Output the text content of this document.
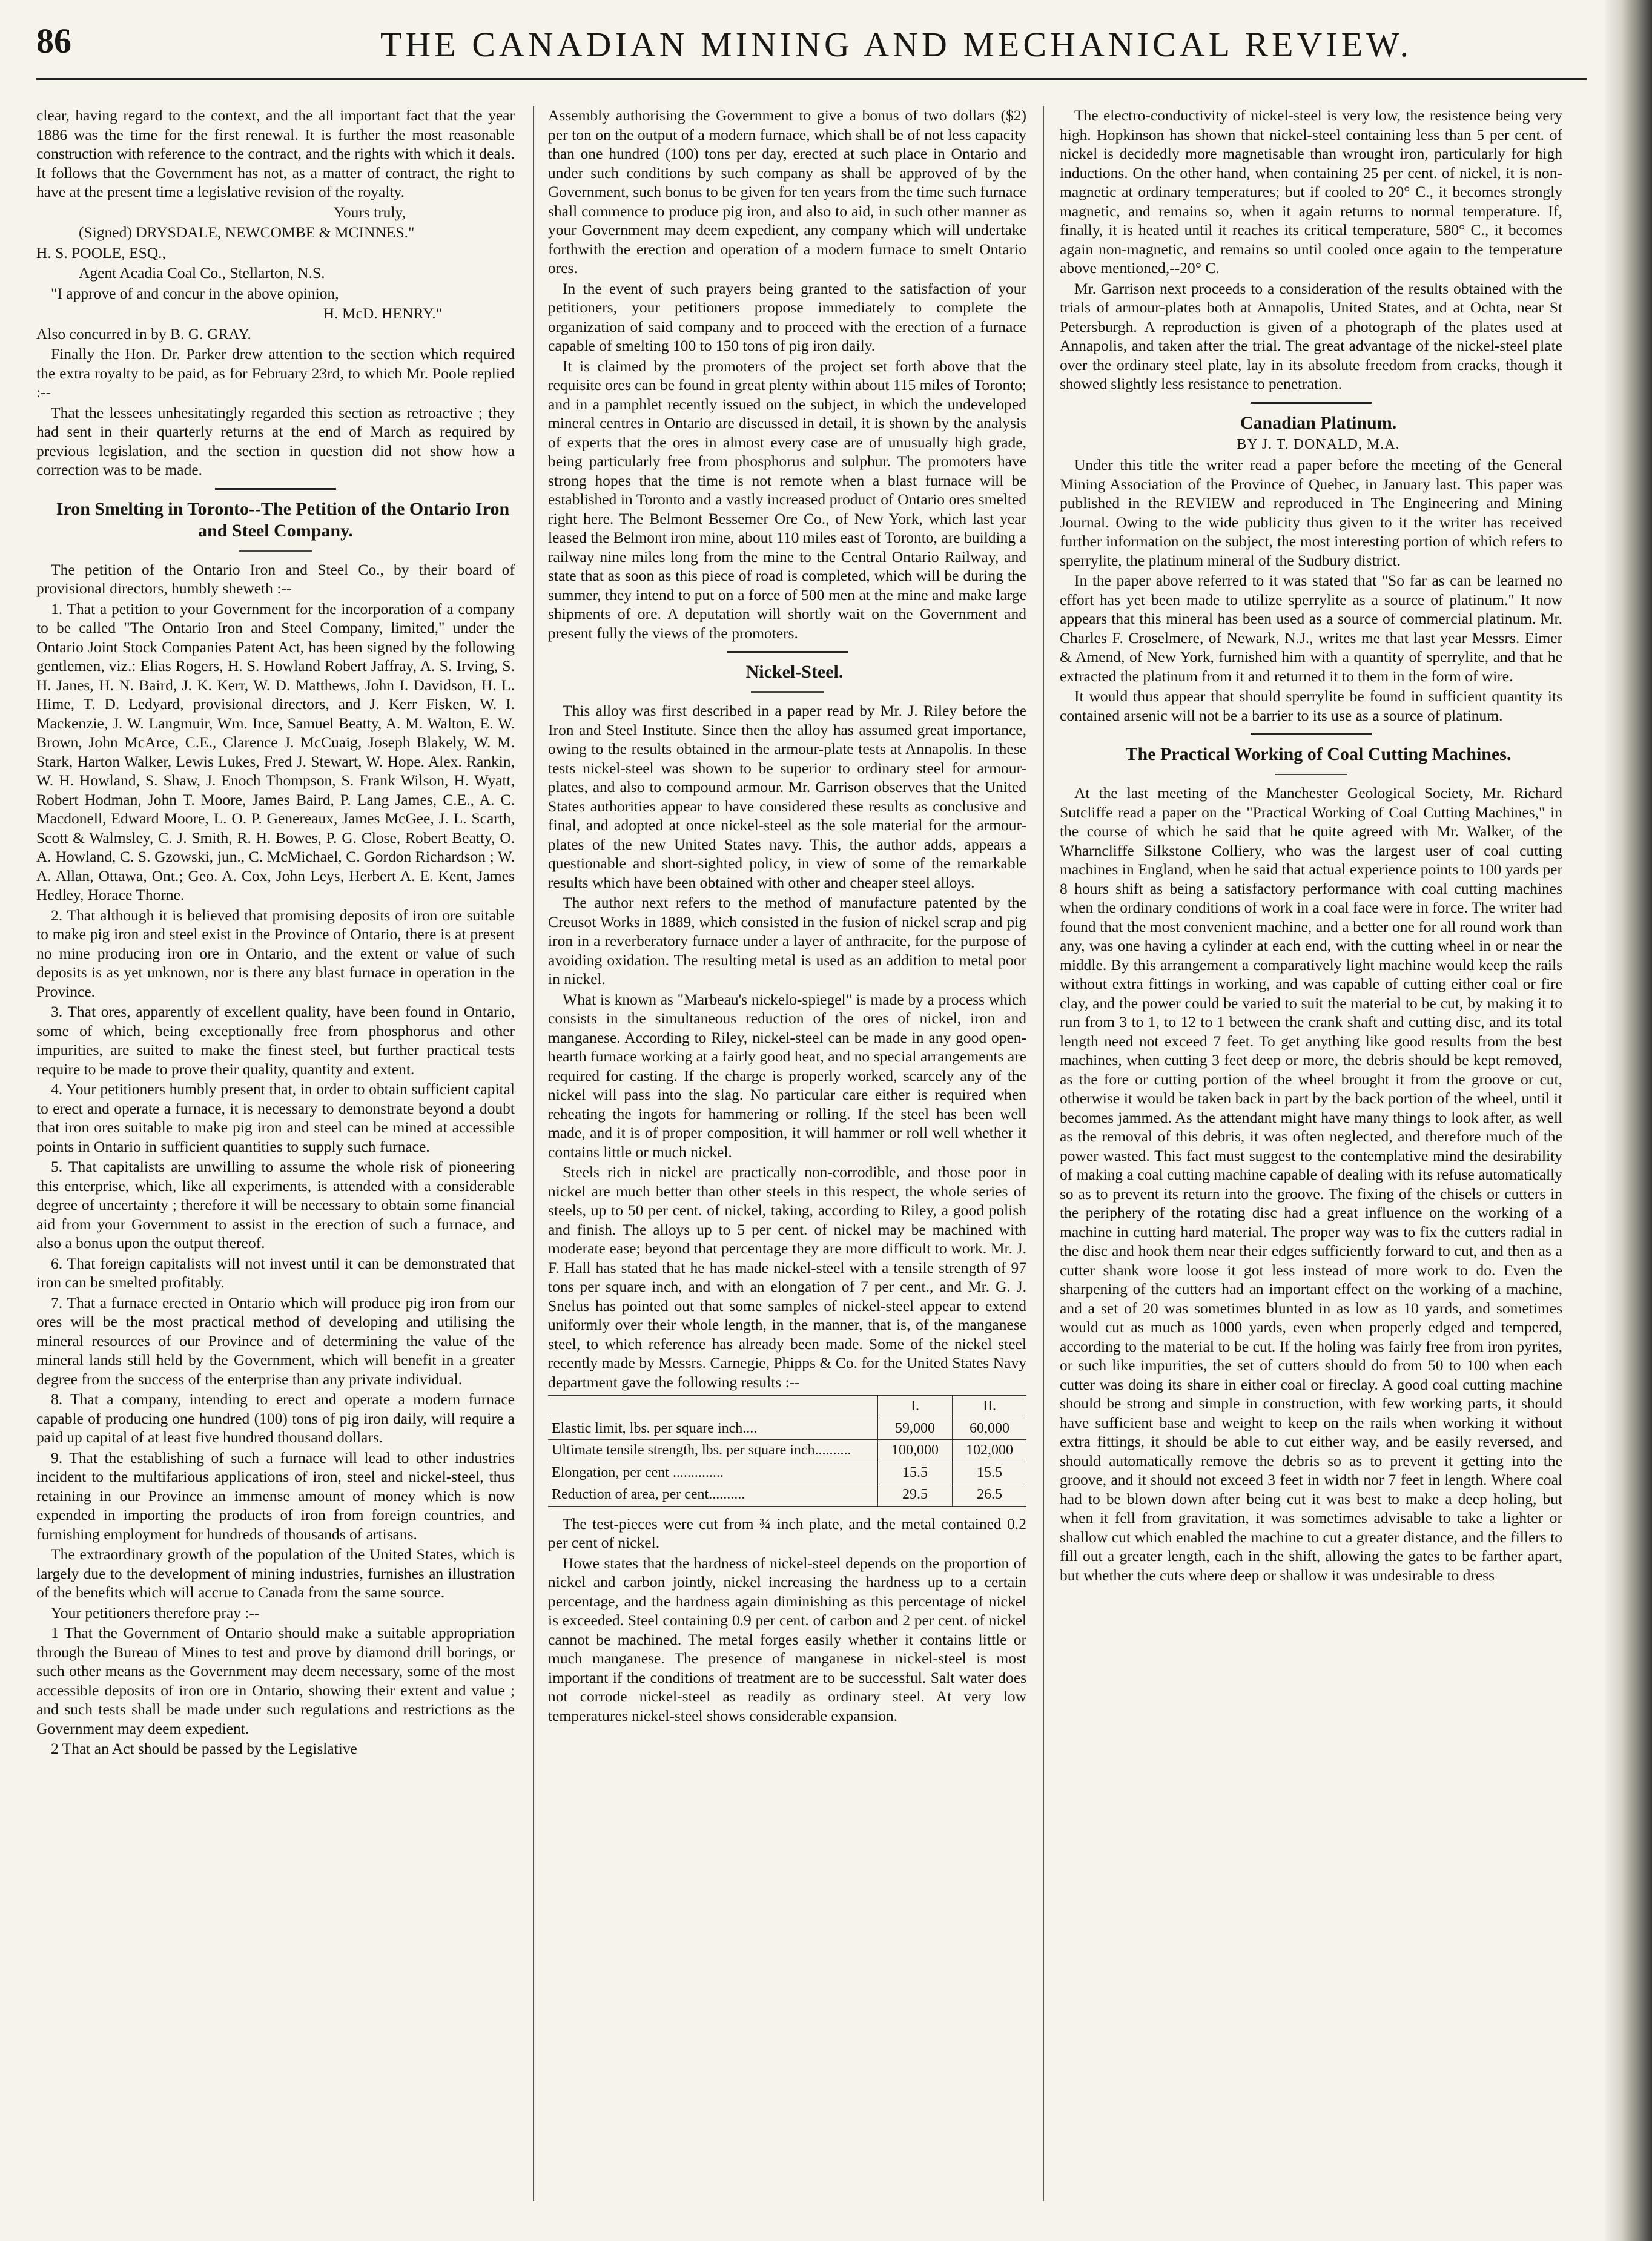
86	THE CANADIAN MINING AND MECHANICAL REVIEW.

clear, having regard to the context, and the all important fact that the year 1886 was the time for the first renewal. It is further the most reasonable construction with reference to the contract, and the rights with which it deals. It follows that the Government has not, as a matter of contract, the right to have at the present time a legislative revision of the royalty.

Yours truly,

(Signed) DRYSDALE, NEWCOMBE & MCINNES."

H. S. POOLE, ESQ.,

Agent Acadia Coal Co., Stellarton, N.S.

"I approve of and concur in the above opinion,

H. McD. HENRY."

Also concurred in by B. G. GRAY.

Finally the Hon. Dr. Parker drew attention to the section which required the extra royalty to be paid, as for February 23rd, to which Mr. Poole replied :--

That the lessees unhesitatingly regarded this section as retroactive ; they had sent in their quarterly returns at the end of March as required by previous legislation, and the section in question did not show how a correction was to be made.

Iron Smelting in Toronto--The Petition of the Ontario Iron and Steel Company.

The petition of the Ontario Iron and Steel Co., by their board of provisional directors, humbly sheweth :--

1. That a petition to your Government for the incorporation of a company to be called "The Ontario Iron and Steel Company, limited," under the Ontario Joint Stock Companies Patent Act, has been signed by the following gentlemen, viz.: Elias Rogers, H. S. Howland Robert Jaffray, A. S. Irving, S. H. Janes, H. N. Baird, J. K. Kerr, W. D. Matthews, John I. Davidson, H. L. Hime, T. D. Ledyard, provisional directors, and J. Kerr Fisken, W. I. Mackenzie, J. W. Langmuir, Wm. Ince, Samuel Beatty, A. M. Walton, E. W. Brown, John McArce, C.E., Clarence J. McCuaig, Joseph Blakely, W. M. Stark, Harton Walker, Lewis Lukes, Fred J. Stewart, W. Hope. Alex. Rankin, W. H. Howland, S. Shaw, J. Enoch Thompson, S. Frank Wilson, H. Wyatt, Robert Hodman, John T. Moore, James Baird, P. Lang James, C.E., A. C. Macdonell, Edward Moore, L. O. P. Genereaux, James McGee, J. L. Scarth, Scott & Walmsley, C. J. Smith, R. H. Bowes, P. G. Close, Robert Beatty, O. A. Howland, C. S. Gzowski, jun., C. McMichael, C. Gordon Richardson ; W. A. Allan, Ottawa, Ont.; Geo. A. Cox, John Leys, Herbert A. E. Kent, James Hedley, Horace Thorne.

2. That although it is believed that promising deposits of iron ore suitable to make pig iron and steel exist in the Province of Ontario, there is at present no mine producing iron ore in Ontario, and the extent or value of such deposits is as yet unknown, nor is there any blast furnace in operation in the Province.

3. That ores, apparently of excellent quality, have been found in Ontario, some of which, being exceptionally free from phosphorus and other impurities, are suited to make the finest steel, but further practical tests require to be made to prove their quality, quantity and extent.

4. Your petitioners humbly present that, in order to obtain sufficient capital to erect and operate a furnace, it is necessary to demonstrate beyond a doubt that iron ores suitable to make pig iron and steel can be mined at accessible points in Ontario in sufficient quantities to supply such furnace.

5. That capitalists are unwilling to assume the whole risk of pioneering this enterprise, which, like all experiments, is attended with a considerable degree of uncertainty ; therefore it will be necessary to obtain some financial aid from your Government to assist in the erection of such a furnace, and also a bonus upon the output thereof.

6. That foreign capitalists will not invest until it can be demonstrated that iron can be smelted profitably.

7. That a furnace erected in Ontario which will produce pig iron from our ores will be the most practical method of developing and utilising the mineral resources of our Province and of determining the value of the mineral lands still held by the Government, which will benefit in a greater degree from the success of the enterprise than any private individual.

8. That a company, intending to erect and operate a modern furnace capable of producing one hundred (100) tons of pig iron daily, will require a paid up capital of at least five hundred thousand dollars.

9. That the establishing of such a furnace will lead to other industries incident to the multifarious applications of iron, steel and nickel-steel, thus retaining in our Province an immense amount of money which is now expended in importing the products of iron from foreign countries, and furnishing employment for hundreds of thousands of artisans.

The extraordinary growth of the population of the United States, which is largely due to the development of mining industries, furnishes an illustration of the benefits which will accrue to Canada from the same source.

Your petitioners therefore pray :--

1 That the Government of Ontario should make a suitable appropriation through the Bureau of Mines to test and prove by diamond drill borings, or such other means as the Government may deem necessary, some of the most accessible deposits of iron ore in Ontario, showing their extent and value ; and such tests shall be made under such regulations and restrictions as the Government may deem expedient.

2 That an Act should be passed by the Legislative

Assembly authorising the Government to give a bonus of two dollars ($2) per ton on the output of a modern furnace, which shall be of not less capacity than one hundred (100) tons per day, erected at such place in Ontario and under such conditions by such company as shall be approved of by the Government, such bonus to be given for ten years from the time such furnace shall commence to produce pig iron, and also to aid, in such other manner as your Government may deem expedient, any company which will undertake forthwith the erection and operation of a modern furnace to smelt Ontario ores.

In the event of such prayers being granted to the satisfaction of your petitioners, your petitioners propose immediately to complete the organization of said company and to proceed with the erection of a furnace capable of smelting 100 to 150 tons of pig iron daily.

It is claimed by the promoters of the project set forth above that the requisite ores can be found in great plenty within about 115 miles of Toronto; and in a pamphlet recently issued on the subject, in which the undeveloped mineral centres in Ontario are discussed in detail, it is shown by the analysis of experts that the ores in almost every case are of unusually high grade, being particularly free from phosphorus and sulphur. The promoters have strong hopes that the time is not remote when a blast furnace will be established in Toronto and a vastly increased product of Ontario ores smelted right here. The Belmont Bessemer Ore Co., of New York, which last year leased the Belmont iron mine, about 110 miles east of Toronto, are building a railway nine miles long from the mine to the Central Ontario Railway, and state that as soon as this piece of road is completed, which will be during the summer, they intend to put on a force of 500 men at the mine and make large shipments of ore. A deputation will shortly wait on the Government and present fully the views of the promoters.

Nickel-Steel.

This alloy was first described in a paper read by Mr. J. Riley before the Iron and Steel Institute. Since then the alloy has assumed great importance, owing to the results obtained in the armour-plate tests at Annapolis. In these tests nickel-steel was shown to be superior to ordinary steel for armour-plates, and also to compound armour. Mr. Garrison observes that the United States authorities appear to have considered these results as conclusive and final, and adopted at once nickel-steel as the sole material for the armour-plates of the new United States navy. This, the author adds, appears a questionable and short-sighted policy, in view of some of the remarkable results which have been obtained with other and cheaper steel alloys.

The author next refers to the method of manufacture patented by the Creusot Works in 1889, which consisted in the fusion of nickel scrap and pig iron in a reverberatory furnace under a layer of anthracite, for the purpose of avoiding oxidation. The resulting metal is used as an addition to metal poor in nickel.

What is known as "Marbeau's nickelo-spiegel" is made by a process which consists in the simultaneous reduction of the ores of nickel, iron and manganese. According to Riley, nickel-steel can be made in any good open-hearth furnace working at a fairly good heat, and no special arrangements are required for casting. If the charge is properly worked, scarcely any of the nickel will pass into the slag. No particular care either is required when reheating the ingots for hammering or rolling. If the steel has been well made, and it is of proper composition, it will hammer or roll well whether it contains little or much nickel.

Steels rich in nickel are practically non-corrodible, and those poor in nickel are much better than other steels in this respect, the whole series of steels, up to 50 per cent. of nickel, taking, according to Riley, a good polish and finish. The alloys up to 5 per cent. of nickel may be machined with moderate ease; beyond that percentage they are more difficult to work. Mr. J. F. Hall has stated that he has made nickel-steel with a tensile strength of 97 tons per square inch, and with an elongation of 7 per cent., and Mr. G. J. Snelus has pointed out that some samples of nickel-steel appear to extend uniformly over their whole length, in the manner, that is, of the manganese steel, to which reference has already been made. Some of the nickel steel recently made by Messrs. Carnegie, Phipps & Co. for the United States Navy department gave the following results :--

	I.	II.
Elastic limit, lbs. per square inch....	59,000	60,000
Ultimate tensile strength, lbs. per square inch..........	100,000	102,000
Elongation, per cent ..............	15.5	15.5
Reduction of area, per cent..........	29.5	26.5

The test-pieces were cut from ¾ inch plate, and the metal contained 0.2 per cent of nickel.

Howe states that the hardness of nickel-steel depends on the proportion of nickel and carbon jointly, nickel increasing the hardness up to a certain percentage, and the hardness again diminishing as this percentage of nickel is exceeded. Steel containing 0.9 per cent. of carbon and 2 per cent. of nickel cannot be machined. The metal forges easily whether it contains little or much manganese. The presence of manganese in nickel-steel is most important if the conditions of treatment are to be successful. Salt water does not corrode nickel-steel as readily as ordinary steel. At very low temperatures nickel-steel shows considerable expansion.

The electro-conductivity of nickel-steel is very low, the resistence being very high. Hopkinson has shown that nickel-steel containing less than 5 per cent. of nickel is decidedly more magnetisable than wrought iron, particularly for high inductions. On the other hand, when containing 25 per cent. of nickel, it is non-magnetic at ordinary temperatures; but if cooled to 20° C., it becomes strongly magnetic, and remains so, when it again returns to normal temperature. If, finally, it is heated until it reaches its critical temperature, 580° C., it becomes again non-magnetic, and remains so until cooled once again to the temperature above mentioned,--20° C.

Mr. Garrison next proceeds to a consideration of the results obtained with the trials of armour-plates both at Annapolis, United States, and at Ochta, near St Petersburgh. A reproduction is given of a photograph of the plates used at Annapolis, and taken after the trial. The great advantage of the nickel-steel plate over the ordinary steel plate, lay in its absolute freedom from cracks, though it showed slightly less resistance to penetration.

Canadian Platinum.

BY J. T. DONALD, M.A.

Under this title the writer read a paper before the meeting of the General Mining Association of the Province of Quebec, in January last. This paper was published in the REVIEW and reproduced in The Engineering and Mining Journal. Owing to the wide publicity thus given to it the writer has received further information on the subject, the most interesting portion of which refers to sperrylite, the platinum mineral of the Sudbury district.

In the paper above referred to it was stated that "So far as can be learned no effort has yet been made to utilize sperrylite as a source of platinum." It now appears that this mineral has been used as a source of commercial platinum. Mr. Charles F. Croselmere, of Newark, N.J., writes me that last year Messrs. Eimer & Amend, of New York, furnished him with a quantity of sperrylite, and that he extracted the platinum from it and returned it to them in the form of wire.

It would thus appear that should sperrylite be found in sufficient quantity its contained arsenic will not be a barrier to its use as a source of platinum.

The Practical Working of Coal Cutting Machines.

At the last meeting of the Manchester Geological Society, Mr. Richard Sutcliffe read a paper on the "Practical Working of Coal Cutting Machines," in the course of which he said that he quite agreed with Mr. Walker, of the Wharncliffe Silkstone Colliery, who was the largest user of coal cutting machines in England, when he said that actual experience points to 100 yards per 8 hours shift as being a satisfactory performance with coal cutting machines when the ordinary conditions of work in a coal face were in force. The writer had found that the most convenient machine, and a better one for all round work than any, was one having a cylinder at each end, with the cutting wheel in or near the middle. By this arrangement a comparatively light machine would keep the rails without extra fittings in working, and was capable of cutting either coal or fire clay, and the power could be varied to suit the material to be cut, by making it to run from 3 to 1, to 12 to 1 between the crank shaft and cutting disc, and its total length need not exceed 7 feet. To get anything like good results from the best machines, when cutting 3 feet deep or more, the debris should be kept removed, as the fore or cutting portion of the wheel brought it from the groove or cut, otherwise it would be taken back in part by the back portion of the wheel, until it becomes jammed. As the attendant might have many things to look after, as well as the removal of this debris, it was often neglected, and therefore much of the power wasted. This fact must suggest to the contemplative mind the desirability of making a coal cutting machine capable of dealing with its refuse automatically so as to prevent its return into the groove. The fixing of the chisels or cutters in the periphery of the rotating disc had a great influence on the working of a machine in cutting hard material. The proper way was to fix the cutters radial in the disc and hook them near their edges sufficiently forward to cut, and then as a cutter shank wore loose it got less instead of more work to do. Even the sharpening of the cutters had an important effect on the working of a machine, and a set of 20 was sometimes blunted in as low as 10 yards, and sometimes would cut as much as 1000 yards, even when properly edged and tempered, according to the material to be cut. If the holing was fairly free from iron pyrites, or such like impurities, the set of cutters should do from 50 to 100 when each cutter was doing its share in either coal or fireclay. A good coal cutting machine should be strong and simple in construction, with few working parts, it should have sufficient base and weight to keep on the rails when working it without extra fittings, it should be able to cut either way, and be easily reversed, and should automatically remove the debris so as to prevent it getting into the groove, and it should not exceed 3 feet in width nor 7 feet in length. Where coal had to be blown down after being cut it was best to make a deep holing, but when it fell from gravitation, it was sometimes advisable to take a lighter or shallow cut which enabled the machine to cut a greater distance, and the fillers to fill out a greater length, each in the shift, allowing the gates to be farther apart, but whether the cuts where deep or shallow it was undesirable to dress
